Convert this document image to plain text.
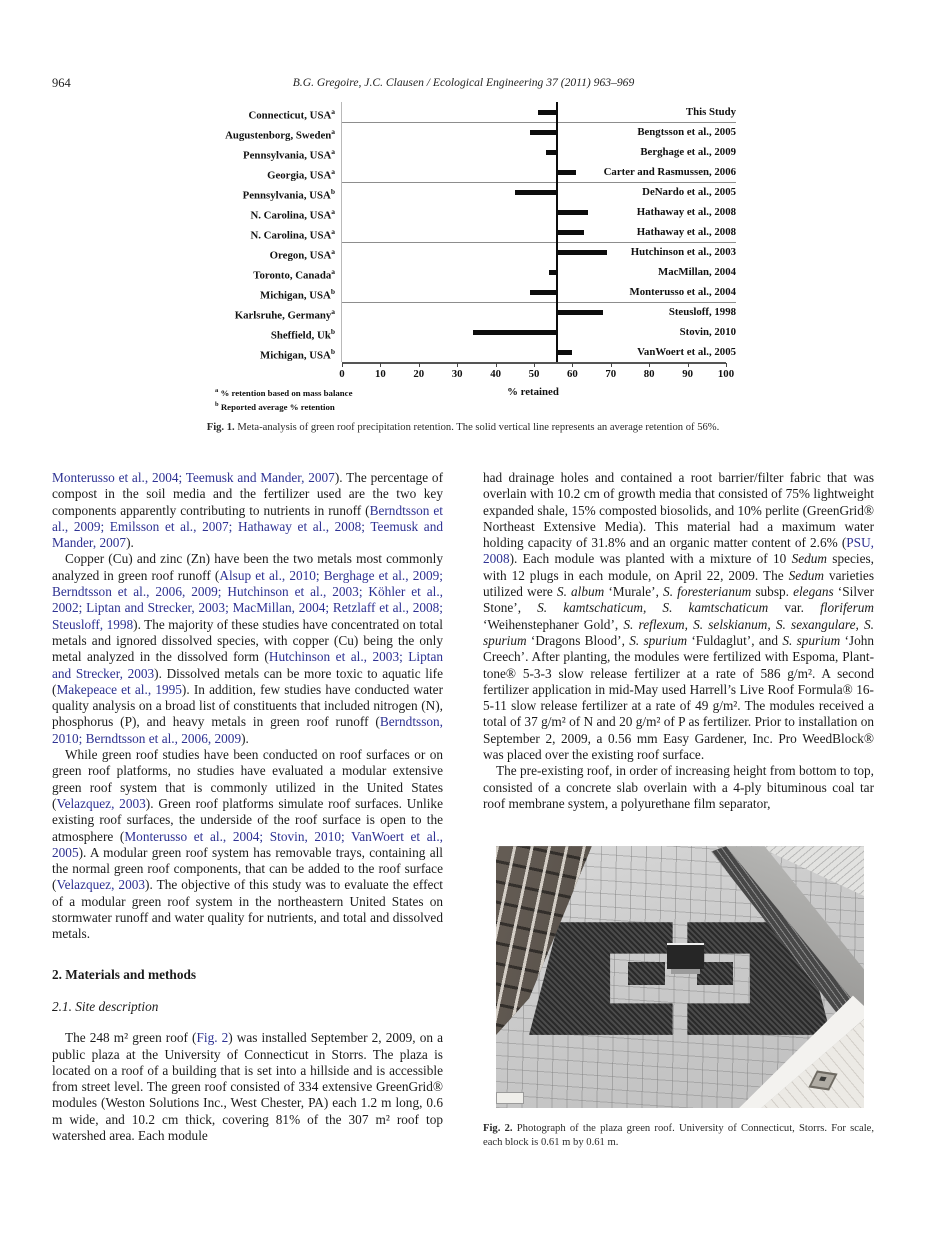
964	B.G. Gregoire, J.C. Clausen / Ecological Engineering 37 (2011) 963–969
Connecticut, USA$^a$
Augustenborg, Sweden$^a$
Pennsylvania, USA$^a$
Georgia, USA$^a$
Pennsylvania, USA$^b$
N. Carolina, USA$^a$
N. Carolina, USA$^a$
Oregon, USA$^a$
Toronto, Canada$^a$
Michigan, USA$^b$
Karlsruhe, Germany$^a$
Sheffield, Uk$^b$
Michigan, USA$^b$
This Study
Bengtsson et al., 2005
Berghage et al., 2009
Carter and Rasmussen, 2006
DeNardo et al., 2005
Hathaway et al., 2008
Hathaway et al., 2008
Hutchinson et al., 2003
MacMillan, 2004
Monterusso et al., 2004
Steusloff, 1998
Stovin, 2010
VanWoert et al., 2005
0	10	20	30	40	50	60	70	80	90	100
$^a$ % retention based on mass balance
$^b$ Reported average % retention
% retained
Fig. 1. Meta-analysis of green roof precipitation retention. The solid vertical line represents an average retention of 56%.

Monterusso et al., 2004; Teemusk and Mander, 2007). The percentage of compost in the soil media and the fertilizer used are the two key components apparently contributing to nutrients in runoff (Berndtsson et al., 2009; Emilsson et al., 2007; Hathaway et al., 2008; Teemusk and Mander, 2007).

Copper (Cu) and zinc (Zn) have been the two metals most commonly analyzed in green roof runoff (Alsup et al., 2010; Berghage et al., 2009; Berndtsson et al., 2006, 2009; Hutchinson et al., 2003; Köhler et al., 2002; Liptan and Strecker, 2003; MacMillan, 2004; Retzlaff et al., 2008; Steusloff, 1998). The majority of these studies have concentrated on total metals and ignored dissolved species, with copper (Cu) being the only metal analyzed in the dissolved form (Hutchinson et al., 2003; Liptan and Strecker, 2003). Dissolved metals can be more toxic to aquatic life (Makepeace et al., 1995). In addition, few studies have conducted water quality analysis on a broad list of constituents that included nitrogen (N), phosphorus (P), and heavy metals in green roof runoff (Berndtsson, 2010; Berndtsson et al., 2006, 2009).

While green roof studies have been conducted on roof surfaces or on green roof platforms, no studies have evaluated a modular extensive green roof system that is commonly utilized in the United States (Velazquez, 2003). Green roof platforms simulate roof surfaces. Unlike existing roof surfaces, the underside of the roof surface is open to the atmosphere (Monterusso et al., 2004; Stovin, 2010; VanWoert et al., 2005). A modular green roof system has removable trays, containing all the normal green roof components, that can be added to the roof surface (Velazquez, 2003). The objective of this study was to evaluate the effect of a modular green roof system in the northeastern United States on stormwater runoff and water quality for nutrients, and total and dissolved metals.

2. Materials and methods
2.1. Site description

The 248 m² green roof (Fig. 2) was installed September 2, 2009, on a public plaza at the University of Connecticut in Storrs. The plaza is located on a roof of a building that is set into a hillside and is accessible from street level. The green roof consisted of 334 extensive GreenGrid® modules (Weston Solutions Inc., West Chester, PA) each 1.2 m long, 0.6 m wide, and 10.2 cm thick, covering 81% of the 307 m² roof top watershed area. Each module

had drainage holes and contained a root barrier/filter fabric that was overlain with 10.2 cm of growth media that consisted of 75% lightweight expanded shale, 15% composted biosolids, and 10% perlite (GreenGrid® Northeast Extensive Media). This material had a maximum water holding capacity of 31.8% and an organic matter content of 2.6% (PSU, 2008). Each module was planted with a mixture of 10 Sedum species, with 12 plugs in each module, on April 22, 2009. The Sedum varieties utilized were S. album ‘Murale’, S. foresterianum subsp. elegans ‘Silver Stone’, S. kamtschaticum, S. kamtschaticum var. floriferum ‘Weihenstephaner Gold’, S. reflexum, S. selskianum, S. sexangulare, S. spurium ‘Dragons Blood’, S. spurium ‘Fuldaglut’, and S. spurium ‘John Creech’. After planting, the modules were fertilized with Espoma, Plant-tone® 5-3-3 slow release fertilizer at a rate of 586 g/m². A second fertilizer application in mid-May used Harrell’s Live Roof Formula® 16-5-11 slow release fertilizer at a rate of 49 g/m². The modules received a total of 37 g/m² of N and 20 g/m² of P as fertilizer. Prior to installation on September 2, 2009, a 0.56 mm Easy Gardener, Inc. Pro WeedBlock® was placed over the existing roof surface.

The pre-existing roof, in order of increasing height from bottom to top, consisted of a concrete slab overlain with a 4-ply bituminous coal tar roof membrane system, a polyurethane film separator,

Fig. 2. Photograph of the plaza green roof. University of Connecticut, Storrs. For scale, each block is 0.61 m by 0.61 m.
